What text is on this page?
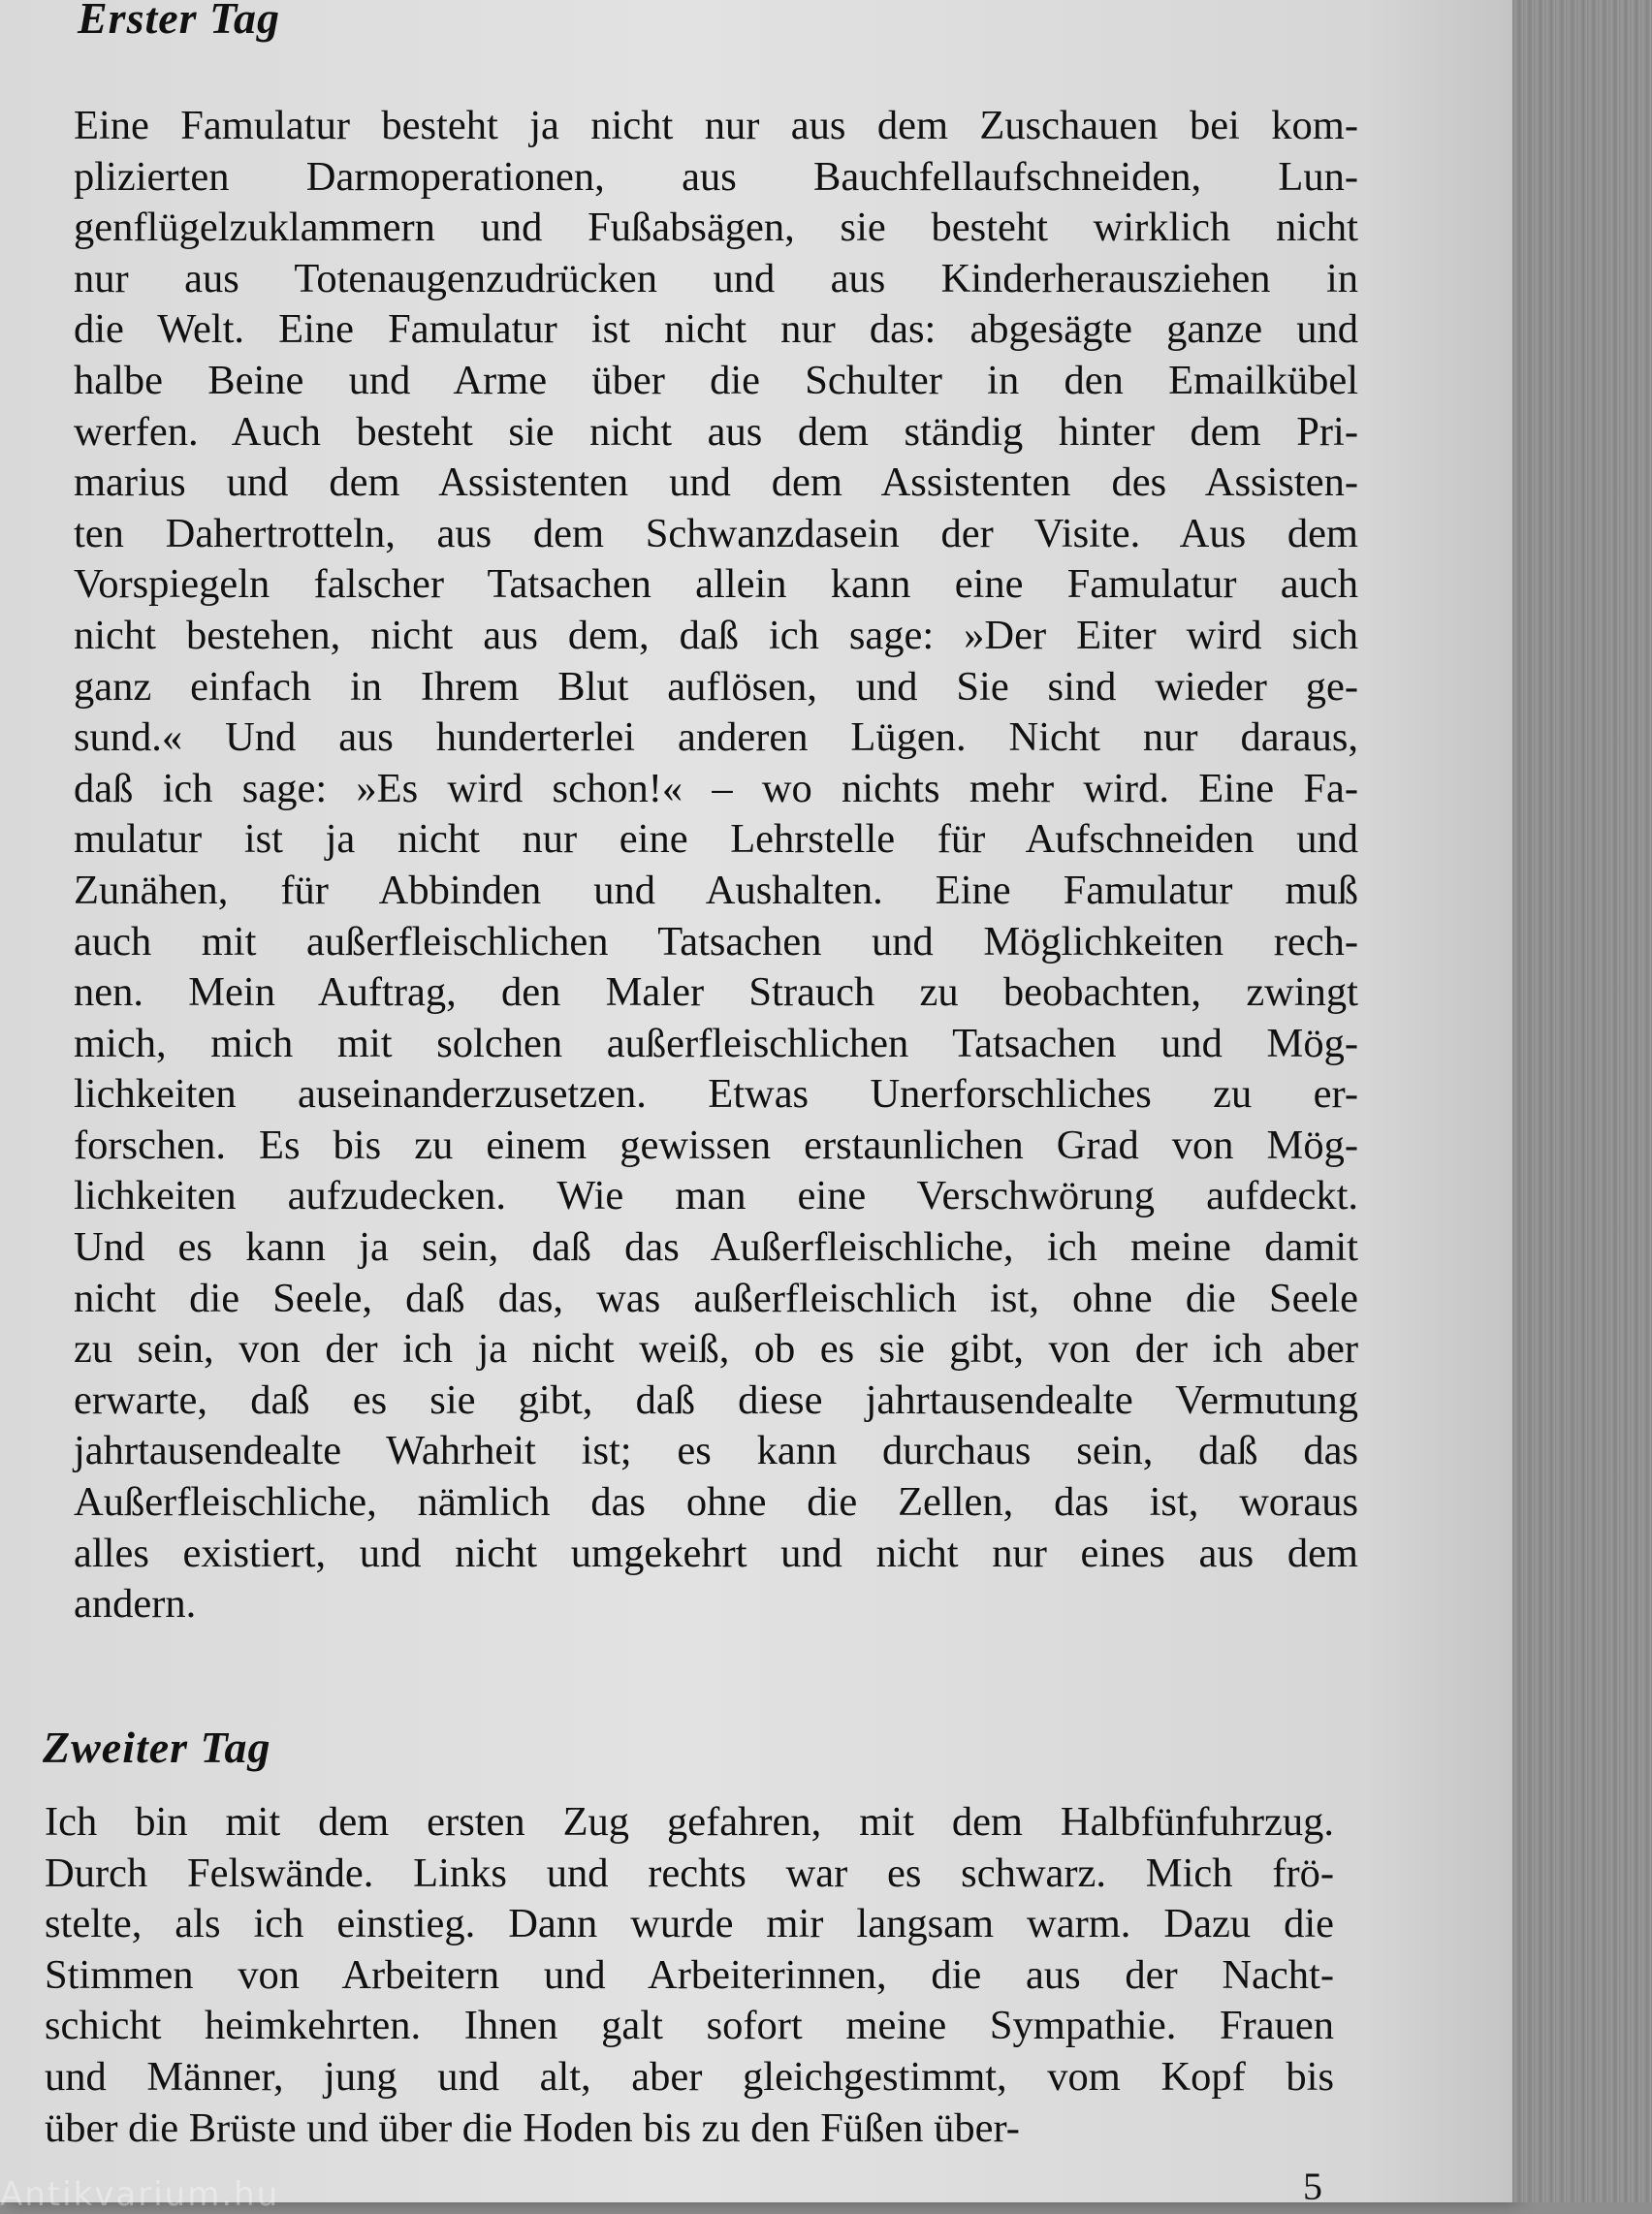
Erster Tag
Eine Famulatur besteht ja nicht nur aus dem Zuschauen bei kom-
plizierten Darmoperationen, aus Bauchfellaufschneiden, Lun-
genflügelzuklammern und Fußabsägen, sie besteht wirklich nicht
nur aus Totenaugenzudrücken und aus Kinderherausziehen in
die Welt. Eine Famulatur ist nicht nur das: abgesägte ganze und
halbe Beine und Arme über die Schulter in den Emailkübel
werfen. Auch besteht sie nicht aus dem ständig hinter dem Pri-
marius und dem Assistenten und dem Assistenten des Assisten-
ten Dahertrotteln, aus dem Schwanzdasein der Visite. Aus dem
Vorspiegeln falscher Tatsachen allein kann eine Famulatur auch
nicht bestehen, nicht aus dem, daß ich sage: »Der Eiter wird sich
ganz einfach in Ihrem Blut auflösen, und Sie sind wieder ge-
sund.« Und aus hunderterlei anderen Lügen. Nicht nur daraus,
daß ich sage: »Es wird schon!« – wo nichts mehr wird. Eine Fa-
mulatur ist ja nicht nur eine Lehrstelle für Aufschneiden und
Zunähen, für Abbinden und Aushalten. Eine Famulatur muß
auch mit außerfleischlichen Tatsachen und Möglichkeiten rech-
nen. Mein Auftrag, den Maler Strauch zu beobachten, zwingt
mich, mich mit solchen außerfleischlichen Tatsachen und Mög-
lichkeiten auseinanderzusetzen. Etwas Unerforschliches zu er-
forschen. Es bis zu einem gewissen erstaunlichen Grad von Mög-
lichkeiten aufzudecken. Wie man eine Verschwörung aufdeckt.
Und es kann ja sein, daß das Außerfleischliche, ich meine damit
nicht die Seele, daß das, was außerfleischlich ist, ohne die Seele
zu sein, von der ich ja nicht weiß, ob es sie gibt, von der ich aber
erwarte, daß es sie gibt, daß diese jahrtausendealte Vermutung
jahrtausendealte Wahrheit ist; es kann durchaus sein, daß das
Außerfleischliche, nämlich das ohne die Zellen, das ist, woraus
alles existiert, und nicht umgekehrt und nicht nur eines aus dem
andern.
Zweiter Tag
Ich bin mit dem ersten Zug gefahren, mit dem Halbfünfuhrzug.
Durch Felswände. Links und rechts war es schwarz. Mich frö-
stelte, als ich einstieg. Dann wurde mir langsam warm. Dazu die
Stimmen von Arbeitern und Arbeiterinnen, die aus der Nacht-
schicht heimkehrten. Ihnen galt sofort meine Sympathie. Frauen
und Männer, jung und alt, aber gleichgestimmt, vom Kopf bis
über die Brüste und über die Hoden bis zu den Füßen über-
Antikvarium.hu	5
